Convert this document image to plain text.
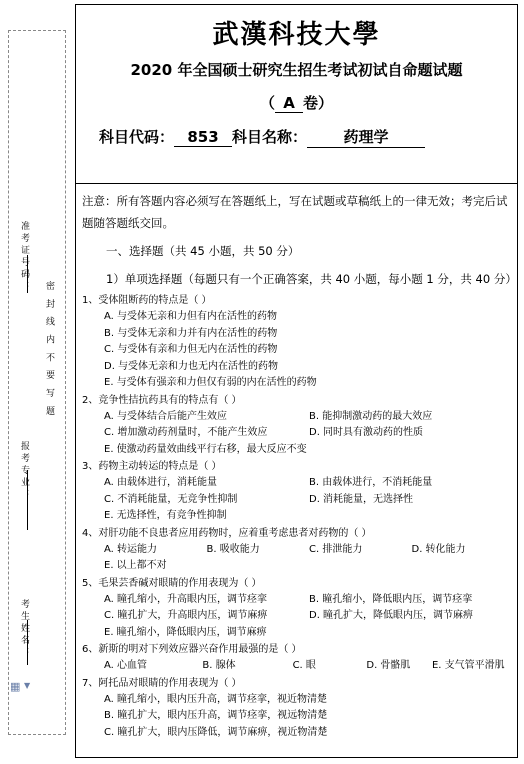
武漢科技大學
2020 年全国硕士研究生招生考试初试自命题试题
（ A 卷）
科目代码： 853 科目名称： 药理学
准考证号码：
密 封 线 内 不 要 写 题
报考专业：
考生姓名：
▦ ▼

注意：所有答题内容必须写在答题纸上，写在试题或草稿纸上的一律无效；考完后试题随答题纸交回。

一、选择题（共 45 小题，共 50 分）

1）单项选择题（每题只有一个正确答案，共 40 小题，每小题 1 分，共 40 分）

1、受体阻断药的特点是（ ）

A. 与受体无亲和力但有内在活性的药物

B. 与受体无亲和力并有内在活性的药物

C. 与受体有亲和力但无内在活性的药物

D. 与受体无亲和力也无内在活性的药物

E. 与受体有强亲和力但仅有弱的内在活性的药物

2、竞争性拮抗药具有的特点有（ ）

A. 与受体结合后能产生效应	B. 能抑制激动药的最大效应
C. 增加激动药剂量时，不能产生效应	D. 同时具有激动药的性质

E. 使激动药量效曲线平行右移，最大反应不变

3、药物主动转运的特点是（ ）

A. 由载体进行，消耗能量	B. 由载体进行，不消耗能量
C. 不消耗能量，无竞争性抑制	D. 消耗能量，无选择性

E. 无选择性，有竞争性抑制

4、对肝功能不良患者应用药物时，应着重考虑患者对药物的（ ）

A. 转运能力	B. 吸收能力	C. 排泄能力	D. 转化能力

E. 以上都不对

5、毛果芸香碱对眼睛的作用表现为（ ）

A. 瞳孔缩小，升高眼内压，调节痉挛	B. 瞳孔缩小，降低眼内压，调节痉挛
C. 瞳孔扩大，升高眼内压，调节麻痹	D. 瞳孔扩大，降低眼内压，调节麻痹

E. 瞳孔缩小，降低眼内压，调节麻痹

6、新斯的明对下列效应器兴奋作用最强的是（ ）

A. 心血管	B. 腺体	C. 眼	D. 骨骼肌	E. 支气管平滑肌

7、阿托品对眼睛的作用表现为（ ）

A. 瞳孔缩小，眼内压升高，调节痉挛，视近物清楚

B. 瞳孔扩大，眼内压升高，调节痉挛，视远物清楚

C. 瞳孔扩大，眼内压降低，调节麻痹，视近物清楚
